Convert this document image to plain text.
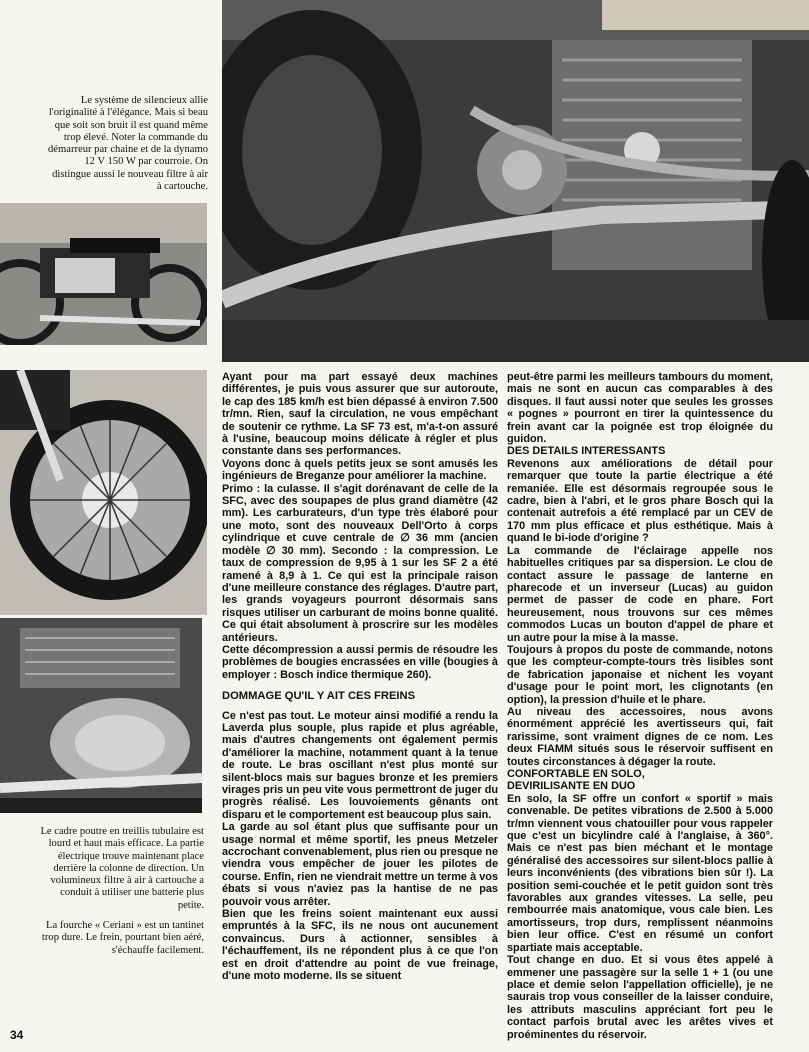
Le système de silencieux allie l'originalité à l'élégance. Mais si beau que soit son bruit il est quand même trop élevé. Noter la commande du démarreur par chaine et de la dynamo 12 V 150 W par courroie. On distingue aussi le nouveau filtre à air à cartouche.

Le cadre poutre en treillis tubulaire est lourd et haut mais efficace. La partie électrique trouve maintenant place derrière la colonne de direction. Un volumineux filtre à air à cartouche a conduit à utiliser une batterie plus petite.

La fourche « Ceriani » est un tantinet trop dure. Le frein, pourtant bien aéré, s'échauffe facilement.

Ayant pour ma part essayé deux machines différentes, je puis vous assurer que sur autoroute, le cap des 185 km/h est bien dépassé à environ 7.500 tr/mn. Rien, sauf la circulation, ne vous empêchant de soutenir ce rythme. La SF 73 est, m'a-t-on assuré à l'usine, beaucoup moins délicate à régler et plus constante dans ses performances.

Voyons donc à quels petits jeux se sont amusés les ingénieurs de Breganze pour améliorer la machine.

Primo : la culasse. Il s'agit dorénavant de celle de la SFC, avec des soupapes de plus grand diamètre (42 mm). Les carburateurs, d'un type très élaboré pour une moto, sont des nouveaux Dell'Orto à corps cylindrique et cuve centrale de ∅ 36 mm (ancien modèle ∅ 30 mm). Secondo : la compression. Le taux de compression de 9,95 à 1 sur les SF 2 a été ramené à 8,9 à 1. Ce qui est la principale raison d'une meilleure constance des réglages. D'autre part, les grands voyageurs pourront désormais sans risques utiliser un carburant de moins bonne qualité. Ce qui était absolument à proscrire sur les modèles antérieurs.

Cette décompression a aussi permis de résoudre les problèmes de bougies encrassées en ville (bougies à employer : Bosch indice thermique 260).

DOMMAGE QU'IL Y AIT CES FREINS

Ce n'est pas tout. Le moteur ainsi modifié a rendu la Laverda plus souple, plus rapide et plus agréable, mais d'autres changements ont également permis d'améliorer la machine, notamment quant à la tenue de route. Le bras oscillant n'est plus monté sur silent-blocs mais sur bagues bronze et les premiers virages pris un peu vite vous permettront de juger du progrès réalisé. Les louvoiements gênants ont disparu et le comportement est beaucoup plus sain.

La garde au sol étant plus que suffisante pour un usage normal et même sportif, les pneus Metzeler accrochant convenablement, plus rien ou presque ne viendra vous empêcher de jouer les pilotes de course. Enfin, rien ne viendrait mettre un terme à vos ébats si vous n'aviez pas la hantise de ne pas pouvoir vous arrêter.

Bien que les freins soient maintenant eux aussi empruntés à la SFC, ils ne nous ont aucunement convaincus. Durs à actionner, sensibles à l'échauffement, ils ne répondent plus à ce que l'on est en droit d'attendre au point de vue freinage, d'une moto moderne. Ils se situent

peut-être parmi les meilleurs tambours du moment, mais ne sont en aucun cas comparables à des disques. Il faut aussi noter que seules les grosses « pognes » pourront en tirer la quintessence du frein avant car la poignée est trop éloignée du guidon.

DES DETAILS INTERESSANTS

Revenons aux améliorations de détail pour remarquer que toute la partie électrique a été remaniée. Elle est désormais regroupée sous le cadre, bien à l'abri, et le gros phare Bosch qui la contenait autrefois a été remplacé par un CEV de 170 mm plus efficace et plus esthétique. Mais à quand le bi-iode d'origine ?

La commande de l'éclairage appelle nos habituelles critiques par sa dispersion. Le clou de contact assure le passage de lanterne en pharecode et un inverseur (Lucas) au guidon permet de passer de code en phare. Fort heureusement, nous trouvons sur ces mêmes commodos Lucas un bouton d'appel de phare et un autre pour la mise à la masse.

Toujours à propos du poste de commande, notons que les compteur-compte-tours très lisibles sont de fabrication japonaise et nichent les voyant d'usage pour le point mort, les clignotants (en option), la pression d'huile et le phare.

Au niveau des accessoires, nous avons énormément apprécié les avertisseurs qui, fait rarissime, sont vraiment dignes de ce nom. Les deux FIAMM situés sous le réservoir suffisent en toutes circonstances à dégager la route.

CONFORTABLE EN SOLO,
DEVIRILISANTE EN DUO

En solo, la SF offre un confort « sportif » mais convenable. De petites vibrations de 2.500 à 5.000 tr/mn viennent vous chatouiller pour vous rappeler que c'est un bicylindre calé à l'anglaise, à 360°. Mais ce n'est pas bien méchant et le montage généralisé des accessoires sur silent-blocs pallie à leurs inconvénients (des vibrations bien sûr !). La position semi-couchée et le petit guidon sont très favorables aux grandes vitesses. La selle, peu rembourrée mais anatomique, vous cale bien. Les amortisseurs, trop durs, remplissent néanmoins bien leur office. C'est en résumé un confort spartiate mais acceptable.

Tout change en duo. Et si vous êtes appelé à emmener une passagère sur la selle 1 + 1 (ou une place et demie selon l'appellation officielle), je ne saurais trop vous conseiller de la laisser conduire, les attributs masculins appréciant fort peu le contact parfois brutal avec les arêtes vives et proéminentes du réservoir.

34
